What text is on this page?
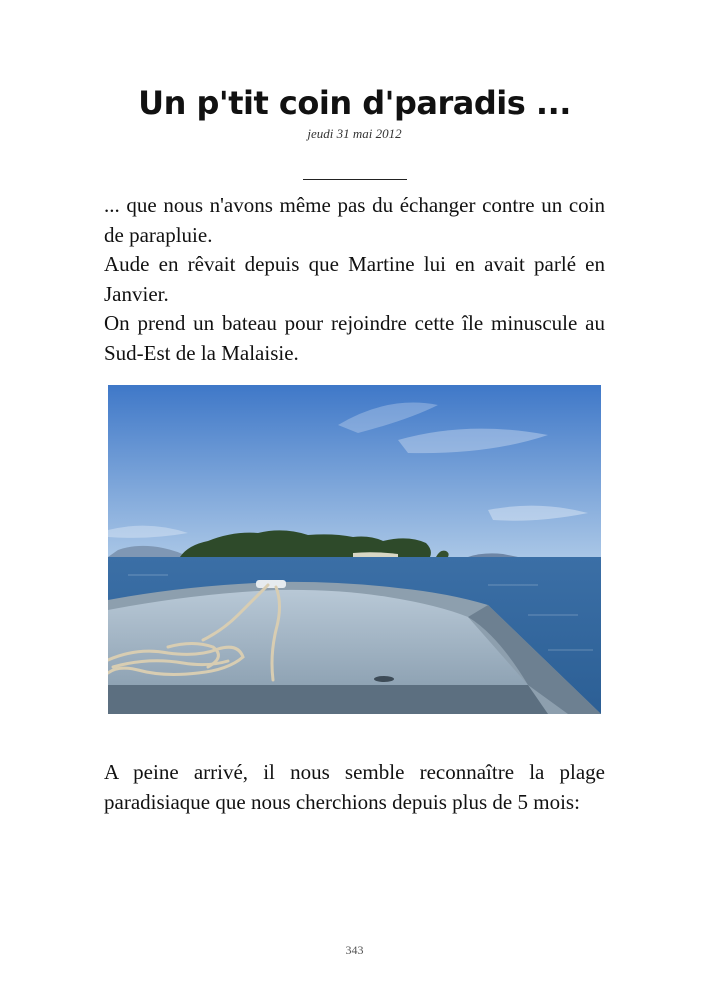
Un p'tit coin d'paradis ...
jeudi 31 mai 2012

... que nous n'avons même pas du échanger contre un coin de parapluie.

Aude en rêvait depuis que Martine lui en avait parlé en Janvier.

On prend un bateau pour rejoindre cette île minuscule au Sud-Est de la Malaisie.

A peine arrivé, il nous semble reconnaître la plage paradisiaque que nous cherchions depuis plus de 5 mois:

343
